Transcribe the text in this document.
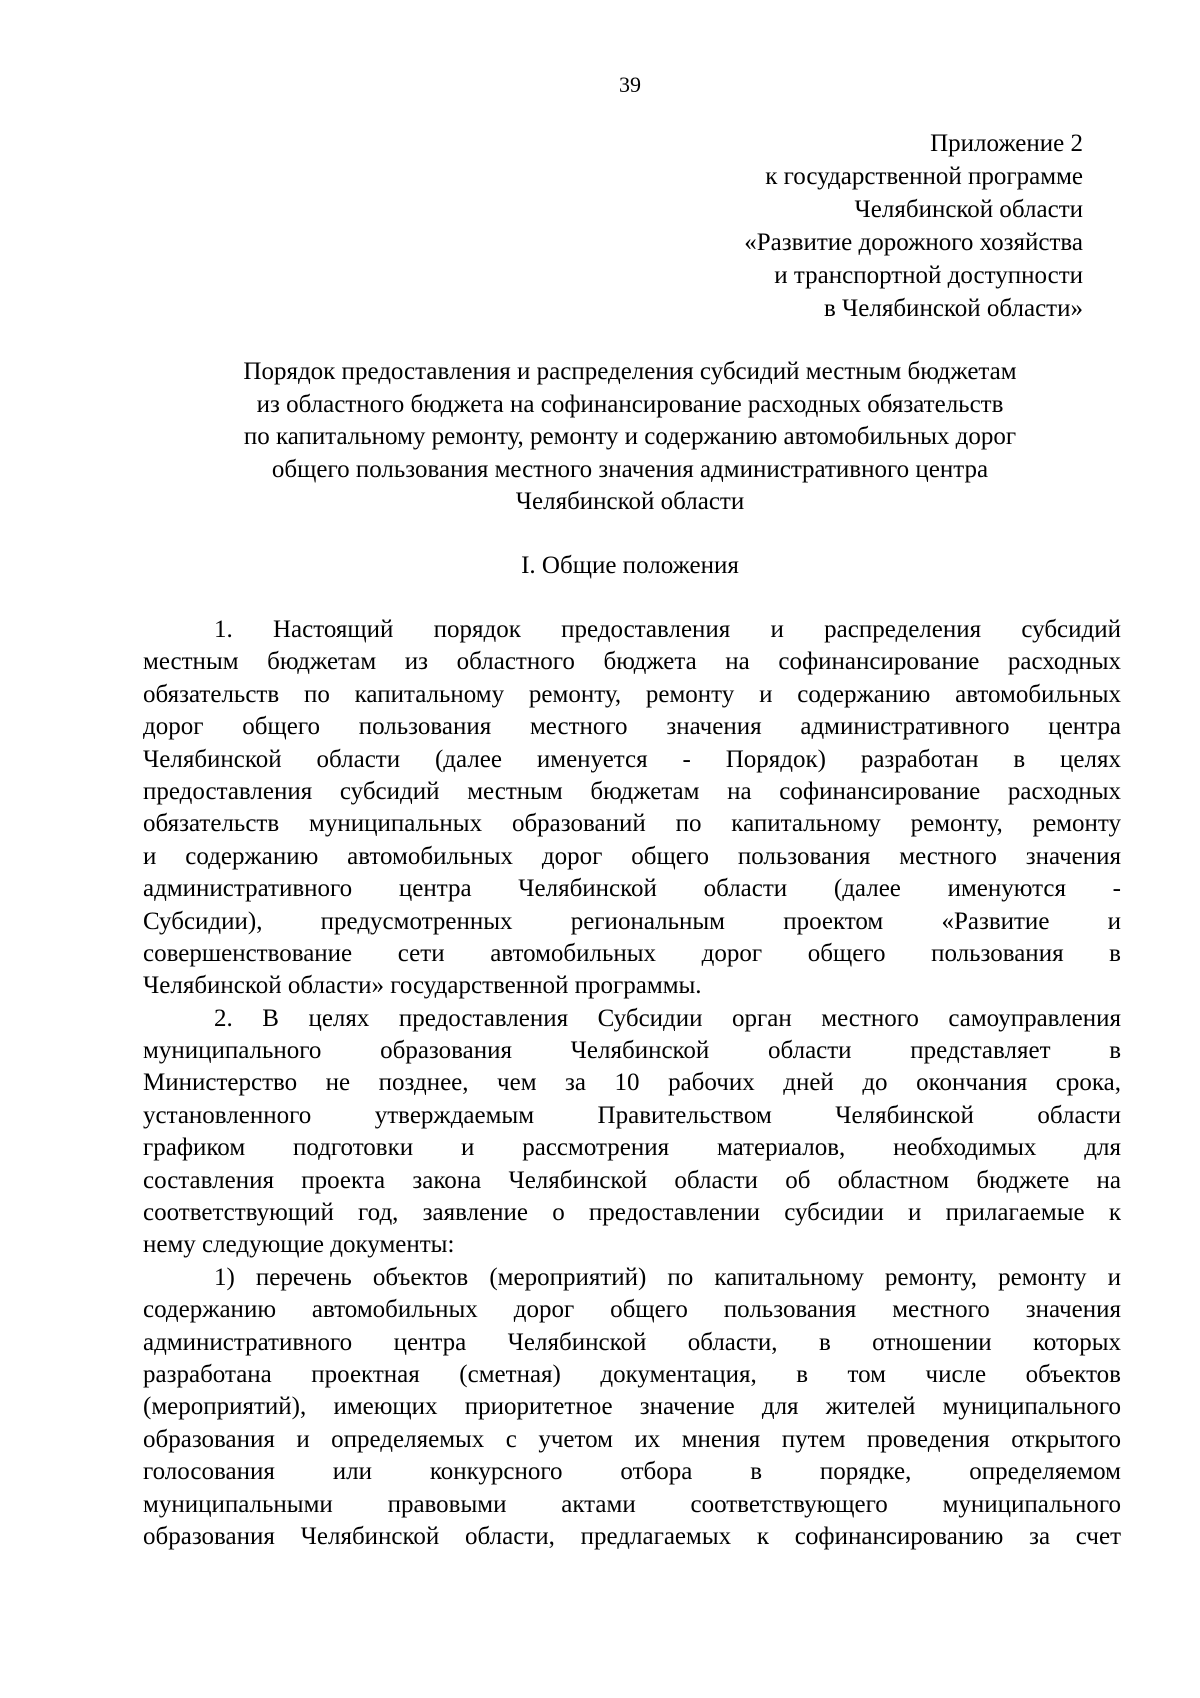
39
Приложение 2
к государственной программе
Челябинской области
«Развитие дорожного хозяйства
и транспортной доступности
в Челябинской области»
Порядок предоставления и распределения субсидий местным бюджетам
из областного бюджета на софинансирование расходных обязательств
по капитальному ремонту, ремонту и содержанию автомобильных дорог
общего пользования местного значения административного центра
Челябинской области
I. Общие положения
1. Настоящий порядок предоставления и распределения субсидий
местным бюджетам из областного бюджета на софинансирование расходных
обязательств по капитальному ремонту, ремонту и содержанию автомобильных
дорог общего пользования местного значения административного центра
Челябинской области (далее именуется - Порядок) разработан в целях
предоставления субсидий местным бюджетам на софинансирование расходных
обязательств муниципальных образований по капитальному ремонту, ремонту
и содержанию автомобильных дорог общего пользования местного значения
административного центра Челябинской области (далее именуются -
Субсидии), предусмотренных региональным проектом «Развитие и
совершенствование сети автомобильных дорог общего пользования в
Челябинской области» государственной программы.
2. В целях предоставления Субсидии орган местного самоуправления
муниципального образования Челябинской области представляет в
Министерство не позднее, чем за 10 рабочих дней до окончания срока,
установленного утверждаемым Правительством Челябинской области
графиком подготовки и рассмотрения материалов, необходимых для
составления проекта закона Челябинской области об областном бюджете на
соответствующий год, заявление о предоставлении субсидии и прилагаемые к
нему следующие документы:
1) перечень объектов (мероприятий) по капитальному ремонту, ремонту и
содержанию автомобильных дорог общего пользования местного значения
административного центра Челябинской области, в отношении которых
разработана проектная (сметная) документация, в том числе объектов
(мероприятий), имеющих приоритетное значение для жителей муниципального
образования и определяемых с учетом их мнения путем проведения открытого
голосования или конкурсного отбора в порядке, определяемом
муниципальными правовыми актами соответствующего муниципального
образования Челябинской области, предлагаемых к софинансированию за счет
